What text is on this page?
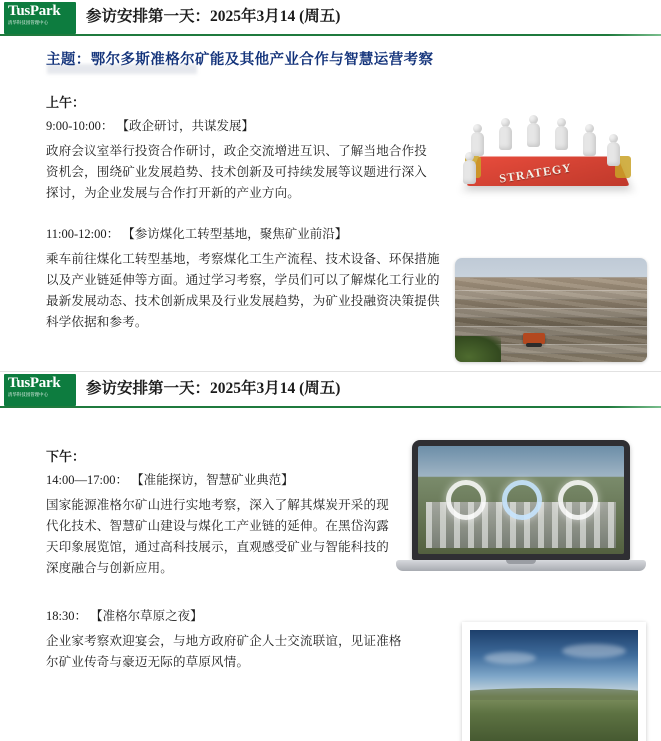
TusPark
清华科技园管理中心	参访安排第一天：2025年3月14 (周五)
主题：鄂尔多斯准格尔矿能及其他产业合作与智慧运营考察
上午：
9:00-10:00： 【政企研讨，共谋发展】
政府会议室举行投资合作研讨，政企交流增进互识、了解当地合作投资机会，围绕矿业发展趋势、技术创新及可持续发展等议题进行深入探讨，为企业发展与合作打开新的产业方向。
11:00-12:00： 【参访煤化工转型基地，聚焦矿业前沿】
乘车前往煤化工转型基地，考察煤化工生产流程、技术设备、环保措施以及产业链延伸等方面。通过学习考察，学员们可以了解煤化工行业的最新发展动态、技术创新成果及行业发展趋势，为矿业投融资决策提供科学依据和参考。
STRATEGY
TusPark
清华科技园管理中心	参访安排第一天：2025年3月14 (周五)
下午：
14:00—17:00： 【准能探访，智慧矿业典范】
国家能源准格尔矿山进行实地考察，深入了解其煤炭开采的现代化技术、智慧矿山建设与煤化工产业链的延伸。在黑岱沟露天印象展览馆，通过高科技展示，直观感受矿业与智能科技的深度融合与创新应用。
18:30： 【准格尔草原之夜】
企业家考察欢迎宴会，与地方政府矿企人士交流联谊，见证准格尔矿业传奇与豪迈无际的草原风情。
